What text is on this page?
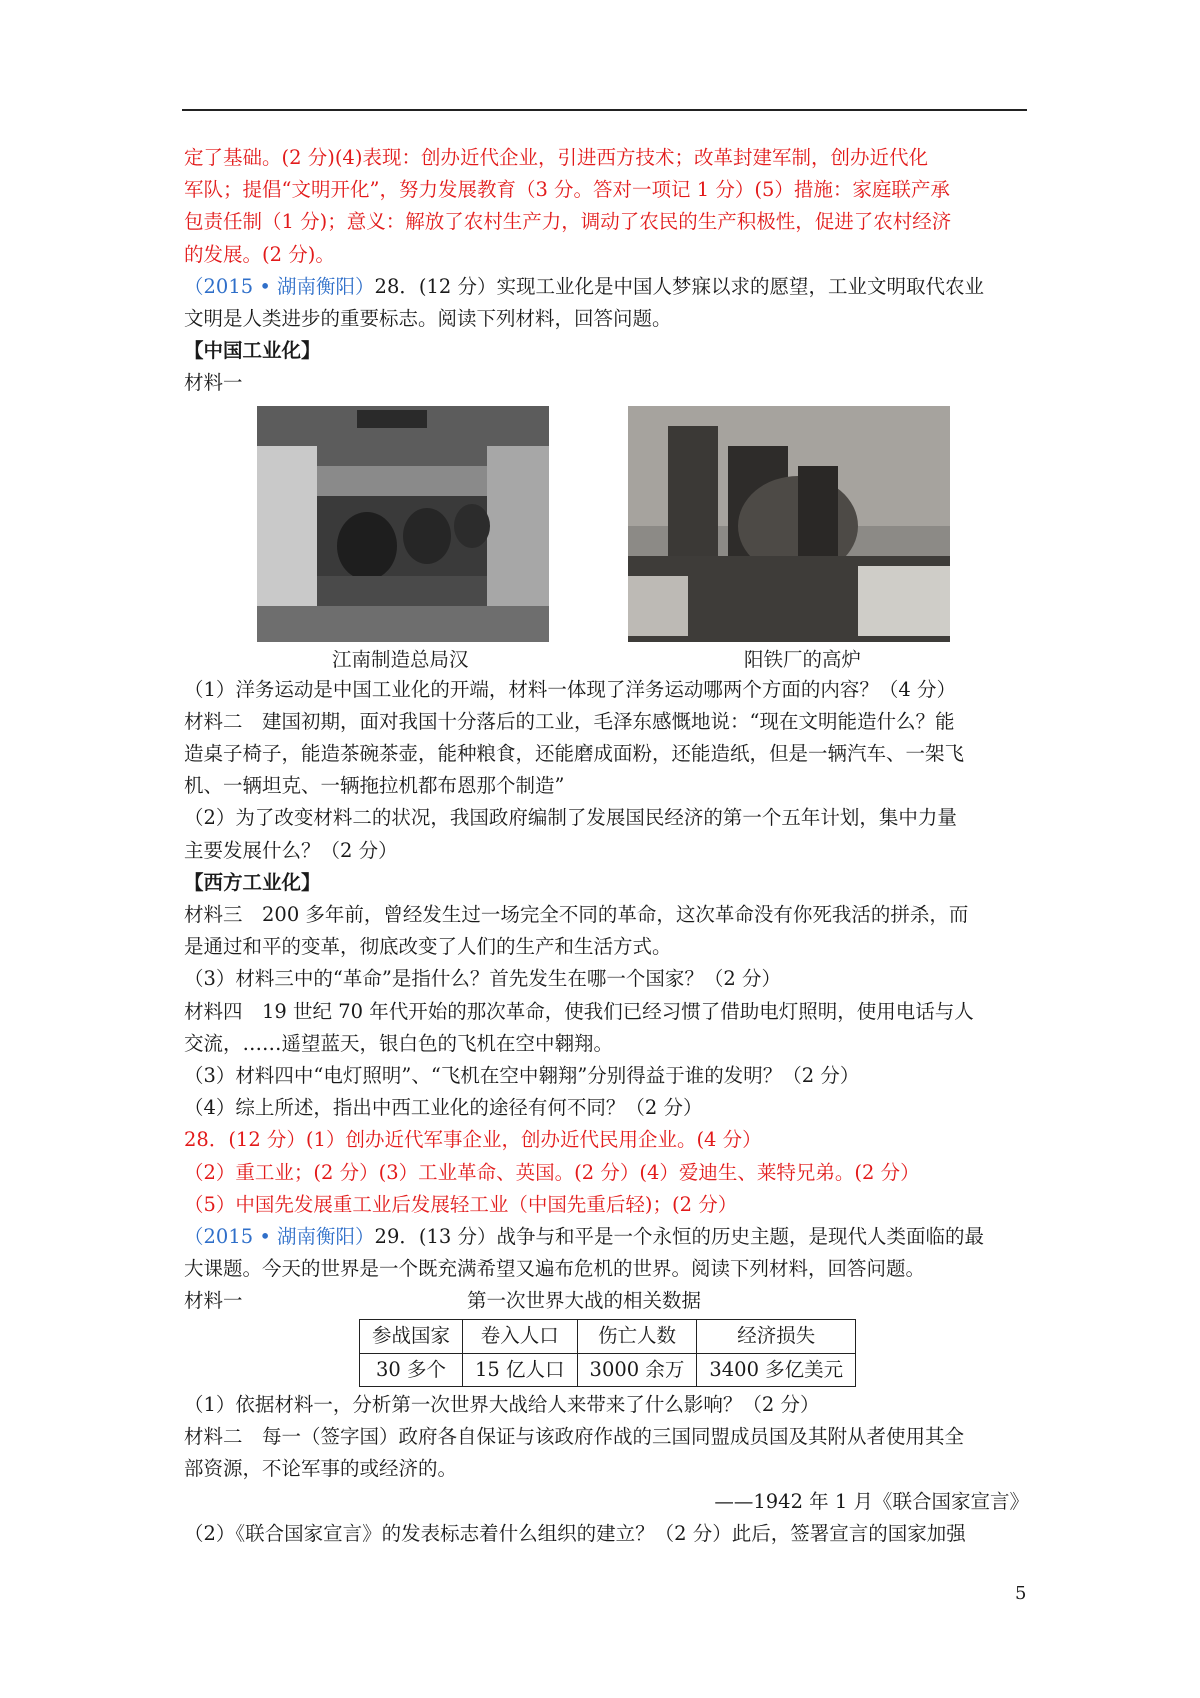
定了基础。(2 分)(4)表现：创办近代企业，引进西方技术；改革封建军制，创办近代化

军队；提倡“文明开化”，努力发展教育（3 分。答对一项记 1 分）(5）措施：家庭联产承

包责任制（1 分)；意义：解放了农村生产力，调动了农民的生产积极性，促进了农村经济

的发展。(2 分)。

（2015 • 湖南衡阳）28．(12 分）实现工业化是中国人梦寐以求的愿望，工业文明取代农业

文明是人类进步的重要标志。阅读下列材料，回答问题。

【中国工业化】

材料一

江南制造总局汉	阳铁厂的高炉

（1）洋务运动是中国工业化的开端，材料一体现了洋务运动哪两个方面的内容？（4 分）

材料二　建国初期，面对我国十分落后的工业，毛泽东感慨地说：“现在文明能造什么？能

造桌子椅子，能造茶碗茶壶，能种粮食，还能磨成面粉，还能造纸，但是一辆汽车、一架飞

机、一辆坦克、一辆拖拉机都布恩那个制造”

（2）为了改变材料二的状况，我国政府编制了发展国民经济的第一个五年计划，集中力量

主要发展什么？（2 分）

【西方工业化】

材料三　200 多年前，曾经发生过一场完全不同的革命，这次革命没有你死我活的拼杀，而

是通过和平的变革，彻底改变了人们的生产和生活方式。

（3）材料三中的“革命”是指什么？首先发生在哪一个国家？（2 分）

材料四　19 世纪 70 年代开始的那次革命，使我们已经习惯了借助电灯照明，使用电话与人

交流，……遥望蓝天，银白色的飞机在空中翱翔。

（3）材料四中“电灯照明”、“飞机在空中翱翔”分别得益于谁的发明？（2 分）

（4）综上所述，指出中西工业化的途径有何不同？（2 分）

28．(12 分）(1）创办近代军事企业，创办近代民用企业。(4 分）

（2）重工业；(2 分）(3）工业革命、英国。(2 分）(4）爱迪生、莱特兄弟。(2 分）

（5）中国先发展重工业后发展轻工业（中国先重后轻)；(2 分）

（2015 • 湖南衡阳）29．(13 分）战争与和平是一个永恒的历史主题，是现代人类面临的最

大课题。今天的世界是一个既充满希望又遍布危机的世界。阅读下列材料，回答问题。

材料一	第一次世界大战的相关数据
参战国家	卷入人口	伤亡人数	经济损失
30 多个	15 亿人口	3000 余万	3400 多亿美元

（1）依据材料一，分析第一次世界大战给人来带来了什么影响？（2 分）

材料二　每一（签字国）政府各自保证与该政府作战的三国同盟成员国及其附从者使用其全

部资源，不论军事的或经济的。

——1942 年 1 月《联合国家宣言》

（2）《联合国家宣言》的发表标志着什么组织的建立？（2 分）此后，签署宣言的国家加强

5
